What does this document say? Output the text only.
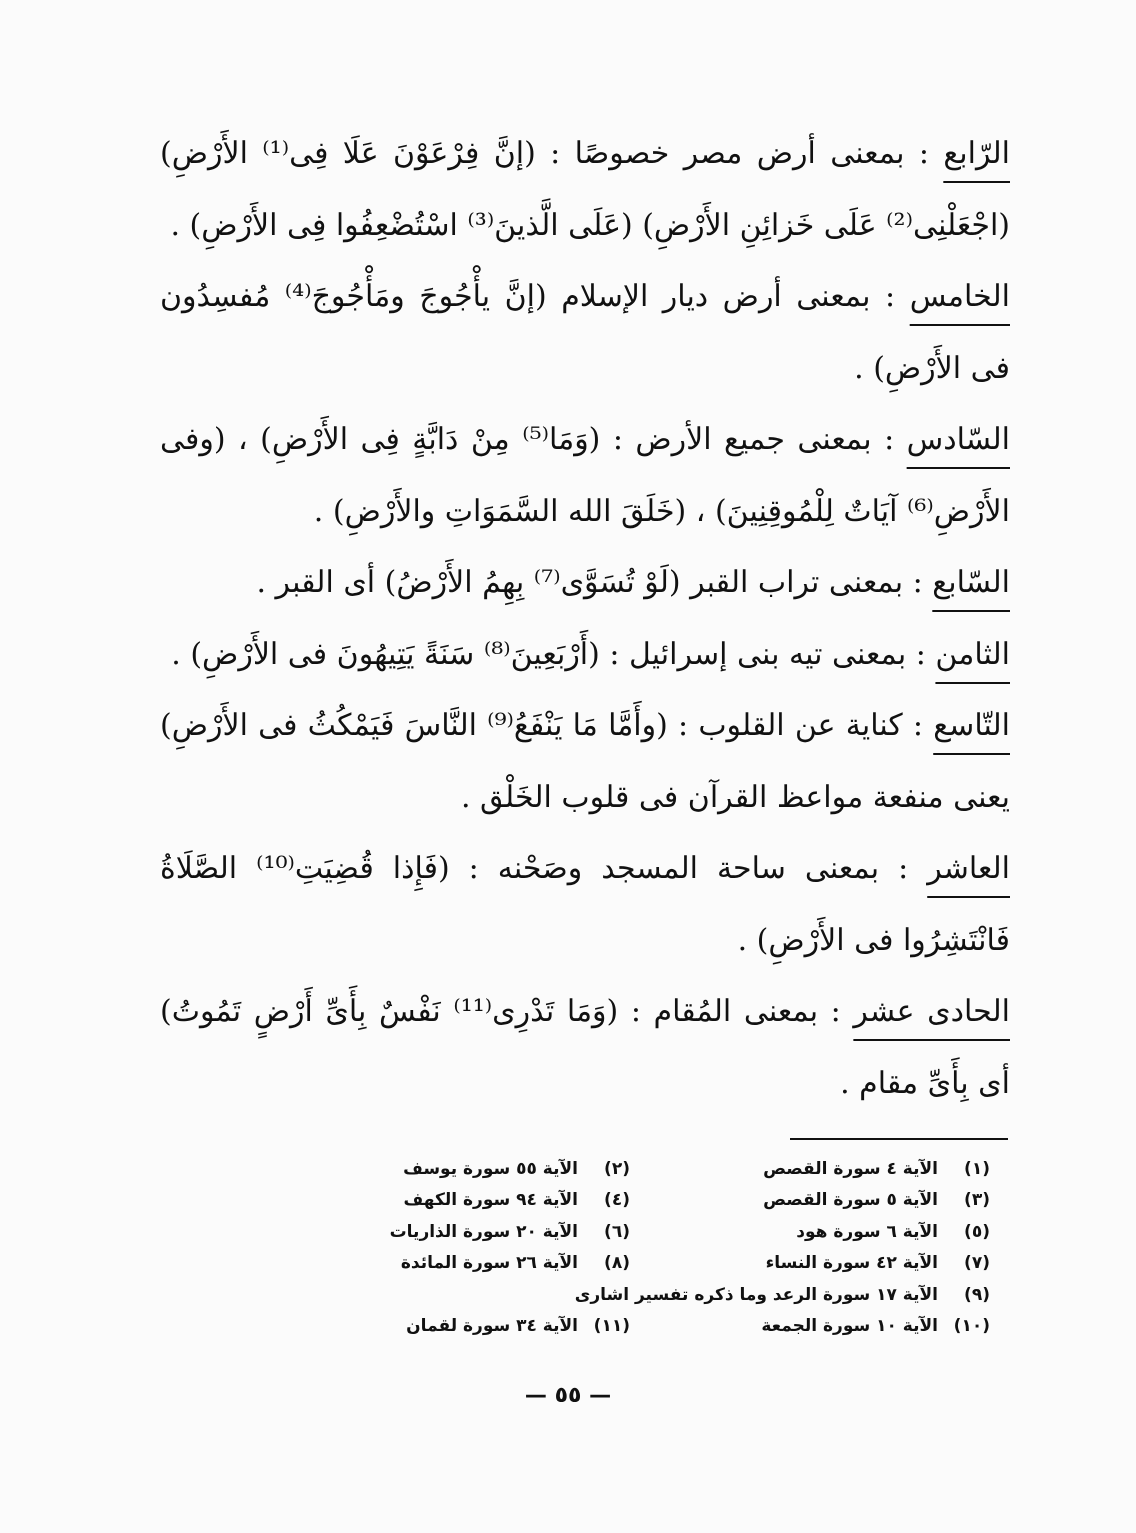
الرّابع : بمعنى أرض مصر خصوصًا : (إنَّ فِرْعَوْنَ عَلَا فِى⁽¹⁾ الأَرْضِ) (اجْعَلْنِى⁽²⁾ عَلَى خَزائِنِ الأَرْضِ) (عَلَى الَّذينَ⁽³⁾ اسْتُضْعِفُوا فِى الأَرْضِ) .

الخامس : بمعنى أرض ديار الإسلام (إنَّ يأْجُوجَ ومَأْجُوجَ⁽⁴⁾ مُفسِدُون فى الأَرْضِ) .

السّادس : بمعنى جميع الأرض : (وَمَا⁽⁵⁾ مِنْ دَابَّةٍ فِى الأَرْضِ) ، (وفى الأَرْضِ⁽⁶⁾ آيَاتٌ لِلْمُوقِنِينَ) ، (خَلَقَ الله السَّمَوَاتِ والأَرْضِ) .

السّابع : بمعنى تراب القبر (لَوْ تُسَوَّى⁽⁷⁾ بِهِمُ الأَرْضُ) أى القبر .

الثامن : بمعنى تيه بنى إسرائيل : (أَرْبَعِينَ⁽⁸⁾ سَنَةً يَتِيهُونَ فى الأَرْضِ) .

التّاسع : كناية عن القلوب : (وأَمَّا مَا يَنْفَعُ⁽⁹⁾ النَّاسَ فَيَمْكُثُ فى الأَرْضِ) يعنى منفعة مواعظ القرآن فى قلوب الخَلْق .

العاشر : بمعنى ساحة المسجد وصَحْنه : (فَإِذا قُضِيَتِ⁽¹⁰⁾ الصَّلَاةُ فَانْتَشِرُوا فى الأَرْضِ) .

الحادى عشر : بمعنى المُقام : (وَمَا تَدْرِى⁽¹¹⁾ نَفْسٌ بِأَىِّ أَرْضٍ تَمُوتُ) أى بِأَىِّ مقام .

(١)
الآية ٤ سورة القصص
(٢)
الآية ٥٥ سورة يوسف
(٣)
الآية ٥ سورة القصص
(٤)
الآية ٩٤ سورة الكهف
(٥)
الآية ٦ سورة هود
(٦)
الآية ٢٠ سورة الذاريات
(٧)
الآية ٤٢ سورة النساء
(٨)
الآية ٢٦ سورة المائدة
(٩)
الآية ١٧ سورة الرعد وما ذكره تفسير اشارى
(١٠)
الآية ١٠ سورة الجمعة
(١١)
الآية ٣٤ سورة لقمان
— ٥٥ —
